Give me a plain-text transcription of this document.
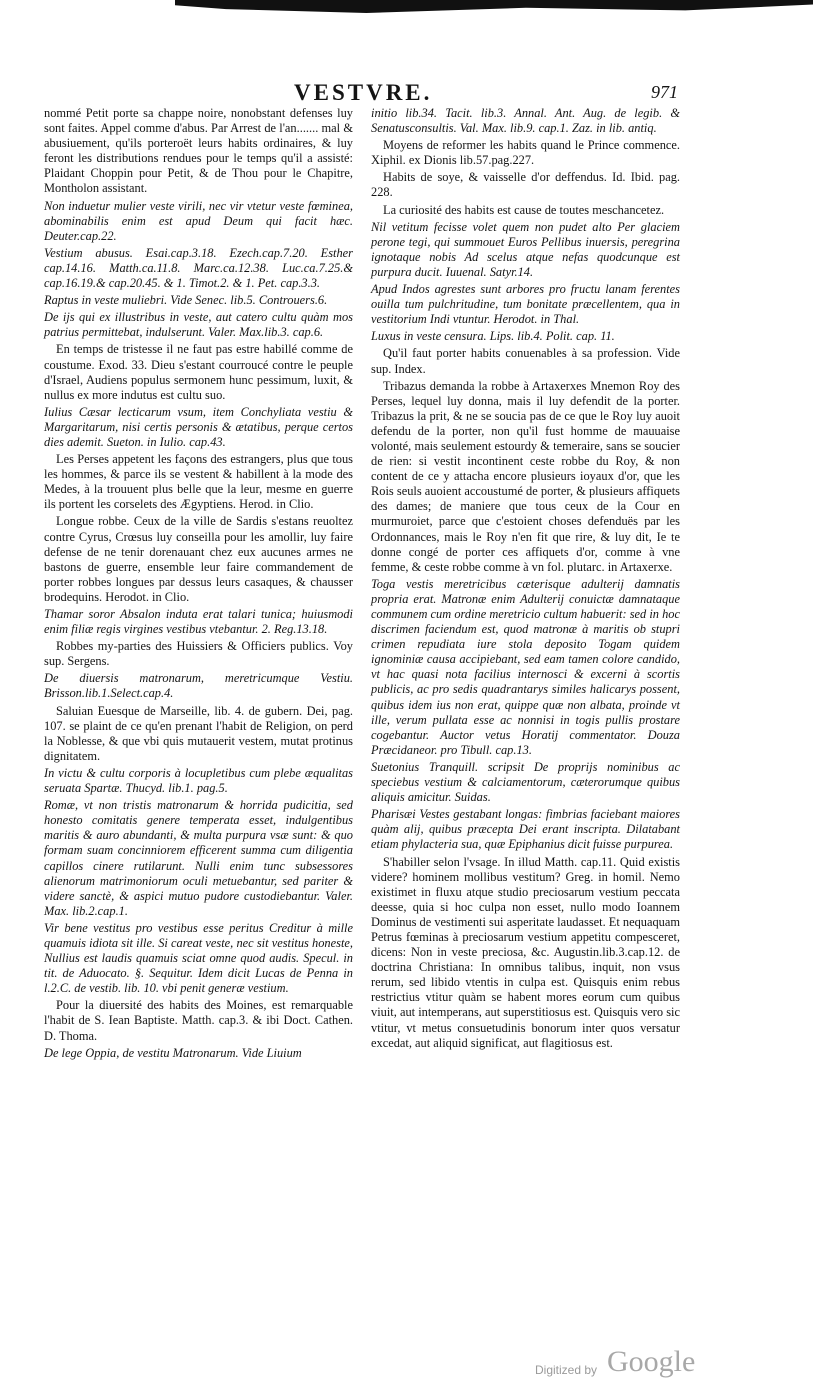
VESTVRE.	971

nommé Petit porte sa chappe noire, nonobstant defenses luy sont faites. Appel comme d'abus. Par Arrest de l'an....... mal & abusiuement, qu'ils porteroët leurs habits ordinaires, & luy feront les distributions rendues pour le temps qu'il a assisté: Plaidant Choppin pour Petit, & de Thou pour le Chapitre, Montholon assistant.

Non induetur mulier veste virili, nec vir vtetur veste fœminea, abominabilis enim est apud Deum qui facit hæc. Deuter.cap.22.

Vestium abusus. Esai.cap.3.18. Ezech.cap.7.20. Esther cap.14.16. Matth.ca.11.8. Marc.ca.12.38. Luc.ca.7.25.& cap.16.19.& cap.20.45. & 1. Timot.2. & 1. Pet. cap.3.3.

Raptus in veste muliebri. Vide Senec. lib.5. Controuers.6.

De ijs qui ex illustribus in veste, aut catero cultu quàm mos patrius permittebat, indulserunt. Valer. Max.lib.3. cap.6.

En temps de tristesse il ne faut pas estre habillé comme de coustume. Exod. 33. Dieu s'estant courroucé contre le peuple d'Israel, Audiens populus sermonem hunc pessimum, luxit, & nullus ex more indutus est cultu suo.

Iulius Cæsar lecticarum vsum, item Conchyliata vestiu & Margaritarum, nisi certis personis & ætatibus, perque certos dies ademit. Sueton. in Iulio. cap.43.

Les Perses appetent les façons des estrangers, plus que tous les hommes, & parce ils se vestent & habillent à la mode des Medes, à la trouuent plus belle que la leur, mesme en guerre ils portent les corselets des Ægyptiens. Herod. in Clio.

Longue robbe. Ceux de la ville de Sardis s'estans reuoltez contre Cyrus, Crœsus luy conseilla pour les amollir, luy faire defense de ne tenir dorenauant chez eux aucunes armes ne bastons de guerre, ensemble leur faire commandement de porter robbes longues par dessus leurs casaques, & chausser brodequins. Herodot. in Clio.

Thamar soror Absalon induta erat talari tunica; huiusmodi enim filiæ regis virgines vestibus vtebantur. 2. Reg.13.18.

Robbes my-parties des Huissiers & Officiers publics. Voy sup. Sergens.

De diuersis matronarum, meretricumque Vestiu. Brisson.lib.1.Select.cap.4.

Saluian Euesque de Marseille, lib. 4. de gubern. Dei, pag. 107. se plaint de ce qu'en prenant l'habit de Religion, on perd la Noblesse, & que vbi quis mutauerit vestem, mutat protinus dignitatem.

In victu & cultu corporis à locupletibus cum plebe æqualitas seruata Spartæ. Thucyd. lib.1. pag.5.

Romæ, vt non tristis matronarum & horrida pudicitia, sed honesto comitatis genere temperata esset, indulgentibus maritis & auro abundanti, & multa purpura vsæ sunt: & quo formam suam concinniorem efficerent summa cum diligentia capillos cinere rutilarunt. Nulli enim tunc subsessores alienorum matrimoniorum oculi metuebantur, sed pariter & videre sanctè, & aspici mutuo pudore custodiebantur. Valer. Max. lib.2.cap.1.

Vir bene vestitus pro vestibus esse peritus Creditur à mille quamuis idiota sit ille. Si careat veste, nec sit vestitus honeste, Nullius est laudis quamuis sciat omne quod audis. Specul. in tit. de Aduocato. §. Sequitur. Idem dicit Lucas de Penna in l.2.C. de vestib. lib. 10. vbi penit generæ vestium.

Pour la diuersité des habits des Moines, est remarquable l'habit de S. Iean Baptiste. Matth. cap.3. & ibi Doct. Cathen. D. Thoma.

De lege Oppia, de vestitu Matronarum. Vide Liuium

initio lib.34. Tacit. lib.3. Annal. Ant. Aug. de legib. & Senatusconsultis. Val. Max. lib.9. cap.1. Zaz. in lib. antiq.

Moyens de reformer les habits quand le Prince commence. Xiphil. ex Dionis lib.57.pag.227.

Habits de soye, & vaisselle d'or deffendus. Id. Ibid. pag. 228.

La curiosité des habits est cause de toutes meschancetez.

Nil vetitum fecisse volet quem non pudet alto Per glaciem perone tegi, qui summouet Euros Pellibus inuersis, peregrina ignotaque nobis Ad scelus atque nefas quodcunque est purpura ducit. Iuuenal. Satyr.14.

Apud Indos agrestes sunt arbores pro fructu lanam ferentes ouilla tum pulchritudine, tum bonitate præcellentem, qua in vestitorium Indi vtuntur. Herodot. in Thal.

Luxus in veste censura. Lips. lib.4. Polit. cap. 11.

Qu'il faut porter habits conuenables à sa profession. Vide sup. Index.

Tribazus demanda la robbe à Artaxerxes Mnemon Roy des Perses, lequel luy donna, mais il luy defendit de la porter. Tribazus la prit, & ne se soucia pas de ce que le Roy luy auoit defendu de la porter, non qu'il fust homme de mauuaise volonté, mais seulement estourdy & temeraire, sans se soucier de rien: si vestit incontinent ceste robbe du Roy, & non content de ce y attacha encore plusieurs ioyaux d'or, que les Rois seuls auoient accoustumé de porter, & plusieurs affiquets des dames; de maniere que tous ceux de la Cour en murmuroiet, parce que c'estoient choses defenduës par les Ordonnances, mais le Roy n'en fit que rire, & luy dit, Ie te donne congé de porter ces affiquets d'or, comme à vne femme, & ceste robbe comme à vn fol. plutarc. in Artaxerxe.

Toga vestis meretricibus cæterisque adulterij damnatis propria erat. Matronæ enim Adulterij conuictæ damnataque communem cum ordine meretricio cultum habuerit: sed in hoc discrimen faciendum est, quod matronæ à maritis ob stupri crimen repudiata iure stola deposito Togam quidem ignominiæ causa accipiebant, sed eam tamen colore candido, vt hac quasi nota facilius internosci & excerni à scortis publicis, ac pro sedis quadrantarys similes halicarys possent, quibus idem ius non erat, quippe quæ non albata, proinde vt ille, verum pullata esse ac nonnisi in togis pullis prostare cogebantur. Auctor vetus Horatij commentator. Douza Præcidaneor. pro Tibull. cap.13.

Suetonius Tranquill. scripsit De proprijs nominibus ac speciebus vestium & calciamentorum, cæterorumque quibus aliquis amicitur. Suidas.

Pharisæi Vestes gestabant longas: fimbrias faciebant maiores quàm alij, quibus præcepta Dei erant inscripta. Dilatabant etiam phylacteria sua, quæ Epiphanius dicit fuisse purpurea.

S'habiller selon l'vsage. In illud Matth. cap.11. Quid existis videre? hominem mollibus vestitum? Greg. in homil. Nemo existimet in fluxu atque studio preciosarum vestium peccata deesse, quia si hoc culpa non esset, nullo modo Ioannem Dominus de vestimenti sui asperitate laudasset. Et nequaquam Petrus fœminas à preciosarum vestium appetitu compesceret, dicens: Non in veste preciosa, &c. Augustin.lib.3.cap.12. de doctrina Christiana: In omnibus talibus, inquit, non vsus rerum, sed libido vtentis in culpa est. Quisquis enim rebus restrictius vtitur quàm se habent mores eorum cum quibus viuit, aut intemperans, aut superstitiosus est. Quisquis vero sic vtitur, vt metus consuetudinis bonorum inter quos versatur excedat, aut aliquid significat, aut flagitiosus est.

Digitized by Google
